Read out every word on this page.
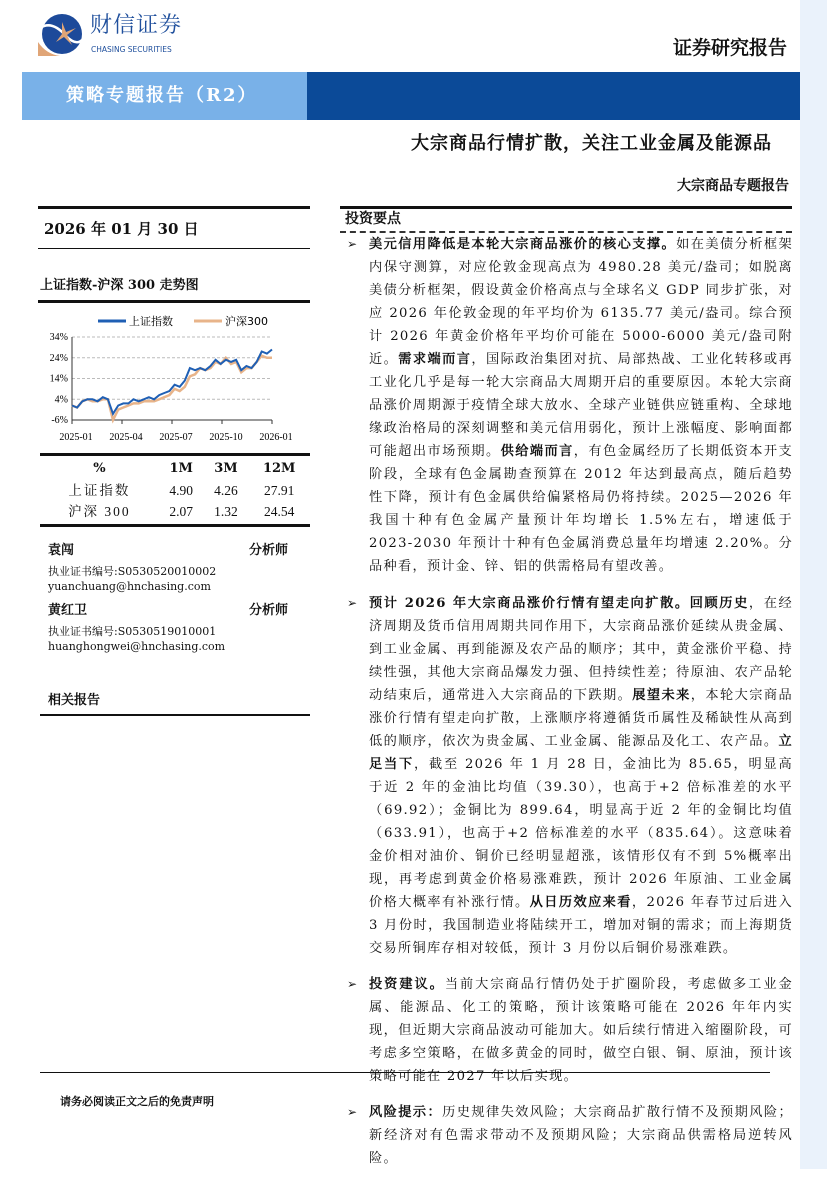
财信证券
CHASING SECURITIES	证券研究报告
策略专题报告（R2）
大宗商品行情扩散，关注工业金属及能源品
大宗商品专题报告
2026 年 01 月 30 日
上证指数-沪深 300 走势图
34%
24%
14%
4%
-6%
2025-01 2025-04 2025-07 2025-10 2026-01
上证指数	沪深300
%	1M	3M	12M
上证指数	4.90	4.26	27.91
沪深 300	2.07	1.32	24.54
袁闯	分析师
执业证书编号:S0530520010002
yuanchuang@hnchasing.com
黄红卫	分析师
执业证书编号:S0530519010001
huanghongwei@hnchasing.com
相关报告
投资要点
➢ 美元信用降低是本轮大宗商品涨价的核心支撑。如在美债分析框架内保守测算，对应伦敦金现高点为 4980.28 美元/盎司；如脱离美债分析框架，假设黄金价格高点与全球名义 GDP 同步扩张，对应 2026 年伦敦金现的年平均价为 6135.77 美元/盎司。综合预计 2026 年黄金价格年平均价可能在 5000-6000 美元/盎司附近。需求端而言，国际政治集团对抗、局部热战、工业化转移或再工业化几乎是每一轮大宗商品大周期开启的重要原因。本轮大宗商品涨价周期源于疫情全球大放水、全球产业链供应链重构、全球地缘政治格局的深刻调整和美元信用弱化，预计上涨幅度、影响面都可能超出市场预期。供给端而言，有色金属经历了长期低资本开支阶段，全球有色金属勘查预算在 2012 年达到最高点，随后趋势性下降，预计有色金属供给偏紧格局仍将持续。2025—2026 年我国十种有色金属产量预计年均增长 1.5%左右，增速低于 2023-2030 年预计十种有色金属消费总量年均增速 2.20%。分品种看，预计金、锌、铝的供需格局有望改善。
➢ 预计 2026 年大宗商品涨价行情有望走向扩散。回顾历史，在经济周期及货币信用周期共同作用下，大宗商品涨价延续从贵金属、到工业金属、再到能源及农产品的顺序；其中，黄金涨价平稳、持续性强，其他大宗商品爆发力强、但持续性差；待原油、农产品轮动结束后，通常进入大宗商品的下跌期。展望未来，本轮大宗商品涨价行情有望走向扩散，上涨顺序将遵循货币属性及稀缺性从高到低的顺序，依次为贵金属、工业金属、能源品及化工、农产品。立足当下，截至 2026 年 1 月 28 日，金油比为 85.65，明显高于近 2 年的金油比均值（39.30），也高于+2 倍标准差的水平（69.92）；金铜比为 899.64，明显高于近 2 年的金铜比均值（633.91），也高于+2 倍标准差的水平（835.64）。这意味着金价相对油价、铜价已经明显超涨，该情形仅有不到 5%概率出现，再考虑到黄金价格易涨难跌，预计 2026 年原油、工业金属价格大概率有补涨行情。从日历效应来看，2026 年春节过后进入 3 月份时，我国制造业将陆续开工，增加对铜的需求；而上海期货交易所铜库存相对较低，预计 3 月份以后铜价易涨难跌。
➢ 投资建议。当前大宗商品行情仍处于扩圈阶段，考虑做多工业金属、能源品、化工的策略，预计该策略可能在 2026 年年内实现，但近期大宗商品波动可能加大。如后续行情进入缩圈阶段，可考虑多空策略，在做多黄金的同时，做空白银、铜、原油，预计该策略可能在 2027 年以后实现。
➢ 风险提示：历史规律失效风险；大宗商品扩散行情不及预期风险；新经济对有色需求带动不及预期风险；大宗商品供需格局逆转风险。
请务必阅读正文之后的免责声明
